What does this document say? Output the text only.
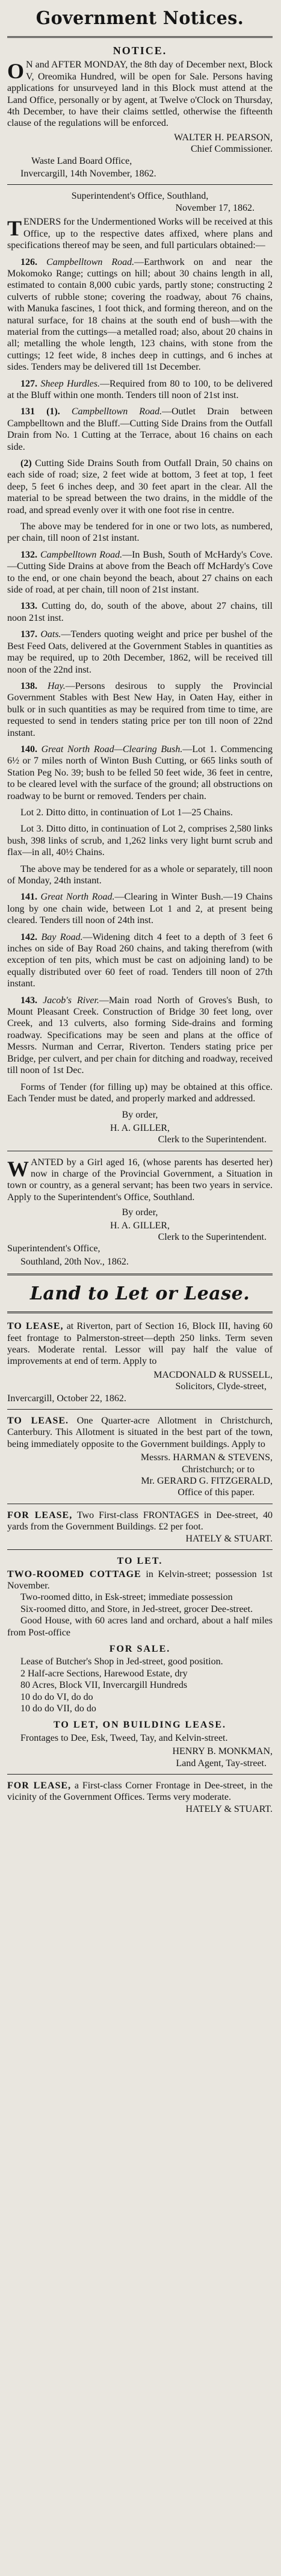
Government Notices.
NOTICE.
O N and AFTER MONDAY, the 8th day of December next, Block V, Oreomika Hundred, will be open for Sale. Persons having applications for unsurveyed land in this Block must attend at the Land Office, personally or by agent, at Twelve o'Clock on Thursday, 4th December, to have their claims settled, otherwise the fifteenth clause of the regulations will be enforced.
WALTER H. PEARSON,
Chief Commissioner.
Waste Land Board Office,
Invercargill, 14th November, 1862.
Superintendent's Office, Southland,
November 17, 1862.
T ENDERS for the Undermentioned Works will be received at this Office, up to the respective dates affixed, where plans and specifications thereof may be seen, and full particulars obtained:—
126. Campbelltown Road.—Earthwork on and near the Mokomoko Range; cuttings on hill; about 30 chains length in all, estimated to contain 8,000 cubic yards, partly stone; constructing 2 culverts of rubble stone; covering the roadway, about 76 chains, with Manuka fascines, 1 foot thick, and forming thereon, and on the natural surface, for 18 chains at the south end of bush—with the material from the cuttings—a metalled road; also, about 20 chains in all; metalling the whole length, 123 chains, with stone from the cuttings; 12 feet wide, 8 inches deep in cuttings, and 6 inches at sides. Tenders may be delivered till 1st December.
127. Sheep Hurdles.—Required from 80 to 100, to be delivered at the Bluff within one month. Tenders till noon of 21st inst.
131 (1). Campbelltown Road.—Outlet Drain between Campbelltown and the Bluff.—Cutting Side Drains from the Outfall Drain from No. 1 Cutting at the Terrace, about 16 chains on each side.
(2) Cutting Side Drains South from Outfall Drain, 50 chains on each side of road; size, 2 feet wide at bottom, 3 feet at top, 1 feet deep, 5 feet 6 inches deep, and 30 feet apart in the clear. All the material to be spread between the two drains, in the middle of the road, and spread evenly over it with one foot rise in centre.
The above may be tendered for in one or two lots, as numbered, per chain, till noon of 21st instant.
132. Campbelltown Road.—In Bush, South of McHardy's Cove.—Cutting Side Drains at above from the Beach off McHardy's Cove to the end, or one chain beyond the beach, about 27 chains on each side of road, at per chain, till noon of 21st instant.
133. Cutting do, do, south of the above, about 27 chains, till noon 21st inst.
137. Oats.—Tenders quoting weight and price per bushel of the Best Feed Oats, delivered at the Government Stables in quantities as may be required, up to 20th December, 1862, will be received till noon of the 22nd inst.
138. Hay.—Persons desirous to supply the Provincial Government Stables with Best New Hay, in Oaten Hay, either in bulk or in such quantities as may be required from time to time, are requested to send in tenders stating price per ton till noon of 22nd instant.
140. Great North Road—Clearing Bush.—Lot 1. Commencing 6½ or 7 miles north of Winton Bush Cutting, or 665 links south of Station Peg No. 39; bush to be felled 50 feet wide, 36 feet in centre, to be cleared level with the surface of the ground; all obstructions on roadway to be burnt or removed. Tenders per chain.
Lot 2. Ditto ditto, in continuation of Lot 1—25 Chains.
Lot 3. Ditto ditto, in continuation of Lot 2, comprises 2,580 links bush, 398 links of scrub, and 1,262 links very light burnt scrub and flax—in all, 40½ Chains.
The above may be tendered for as a whole or separately, till noon of Monday, 24th instant.
141. Great North Road.—Clearing in Winter Bush.—19 Chains long by one chain wide, between Lot 1 and 2, at present being cleared. Tenders till noon of 24th inst.
142. Bay Road.—Widening ditch 4 feet to a depth of 3 feet 6 inches on side of Bay Road 260 chains, and taking therefrom (with exception of ten pits, which must be cast on adjoining land) to be equally distributed over 60 feet of road. Tenders till noon of 27th instant.
143. Jacob's River.—Main road North of Groves's Bush, to Mount Pleasant Creek. Construction of Bridge 30 feet long, over Creek, and 13 culverts, also forming Side-drains and forming roadway. Specifications may be seen and plans at the office of Messrs. Nurman and Cerrar, Riverton. Tenders stating price per Bridge, per culvert, and per chain for ditching and roadway, received till noon of 1st Dec.
Forms of Tender (for filling up) may be obtained at this office. Each Tender must be dated, and properly marked and addressed.
By order,
H. A. GILLER,
Clerk to the Superintendent.
W ANTED by a Girl aged 16, (whose parents has deserted her) now in charge of the Provincial Government, a Situation in town or country, as a general servant; has been two years in service. Apply to the Superintendent's Office, Southland.
By order,
H. A. GILLER,
Clerk to the Superintendent.
Superintendent's Office,
Southland, 20th Nov., 1862.
Land to Let or Lease.
TO LEASE, at Riverton, part of Section 16, Block III, having 60 feet frontage to Palmerston-street—depth 250 links. Term seven years. Moderate rental. Lessor will pay half the value of improvements at end of term. Apply to
MACDONALD & RUSSELL,
Solicitors, Clyde-street,
Invercargill, October 22, 1862.
TO LEASE. One Quarter-acre Allotment in Christchurch, Canterbury. This Allotment is situated in the best part of the town, being immediately opposite to the Government buildings. Apply to
Messrs. HARMAN & STEVENS,
Christchurch; or to
Mr. GERARD G. FITZGERALD,
Office of this paper.
FOR LEASE, Two First-class FRONTAGES in Dee-street, 40 yards from the Government Buildings. £2 per foot.
HATELY & STUART.
TO LET.
TWO-ROOMED COTTAGE in Kelvin-street; possession 1st November.
Two-roomed ditto, in Esk-street; immediate possession
Six-roomed ditto, and Store, in Jed-street, grocer Dee-street.
Good House, with 60 acres land and orchard, about a half miles from Post-office
FOR SALE.
Lease of Butcher's Shop in Jed-street, good position.
2 Half-acre Sections, Harewood Estate, dry
80 Acres, Block VII, Invercargill Hundreds
10 do do VI, do do
10 do do VII, do do
TO LET, ON BUILDING LEASE.
Frontages to Dee, Esk, Tweed, Tay, and Kelvin-street.
HENRY B. MONKMAN,
Land Agent, Tay-street.
FOR LEASE, a First-class Corner Frontage in Dee-street, in the vicinity of the Government Offices. Terms very moderate.
HATELY & STUART.
